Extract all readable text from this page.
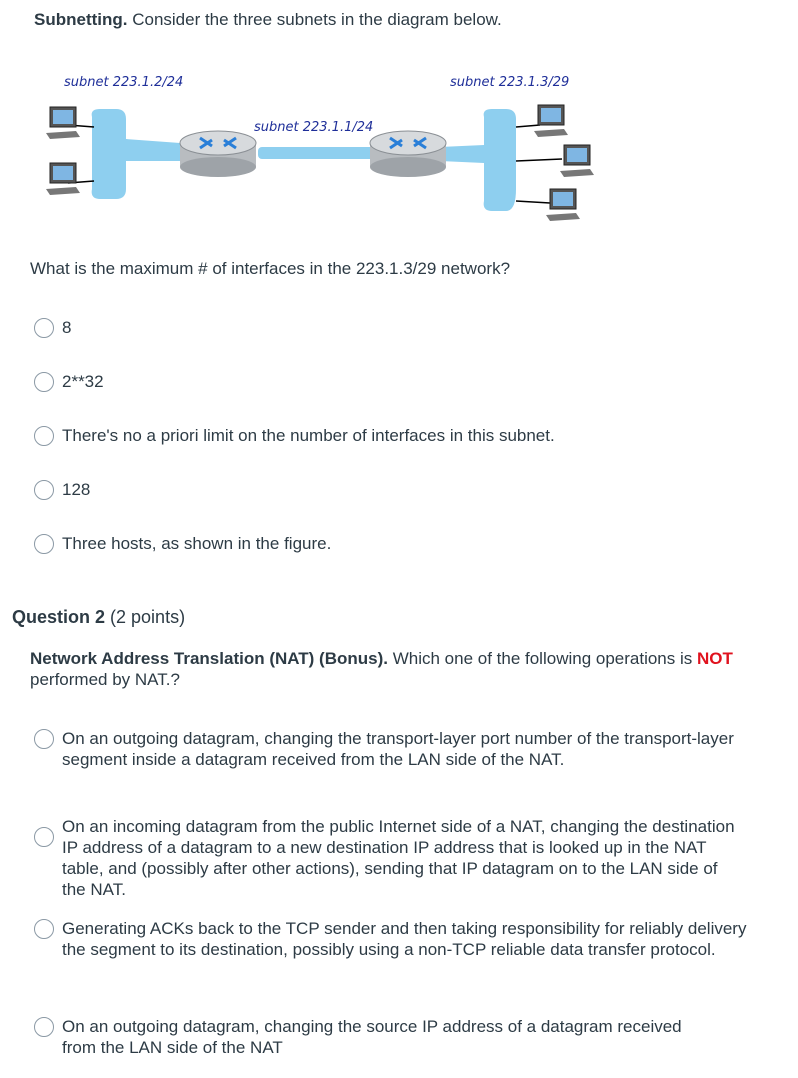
Subnetting. Consider the three subnets in the diagram below.
subnet 223.1.2/24	subnet 223.1.3/29
subnet 223.1.1/24
What is the maximum # of interfaces in the 223.1.3/29 network?
8
2**32
There's no a priori limit on the number of interfaces in this subnet.
128
Three hosts, as shown in the figure.
Question 2 (2 points)
Network Address Translation (NAT) (Bonus). Which one of the following operations is NOT performed by NAT.?
On an outgoing datagram, changing the transport-layer port number of the transport-layer segment inside a datagram received from the LAN side of the NAT.
On an incoming datagram from the public Internet side of a NAT, changing the destination IP address of a datagram to a new destination IP address that is looked up in the NAT table, and (possibly after other actions), sending that IP datagram on to the LAN side of the NAT.
Generating ACKs back to the TCP sender and then taking responsibility for reliably delivery the segment to its destination, possibly using a non-TCP reliable data transfer protocol.
On an outgoing datagram, changing the source IP address of a datagram received from the LAN side of the NAT
